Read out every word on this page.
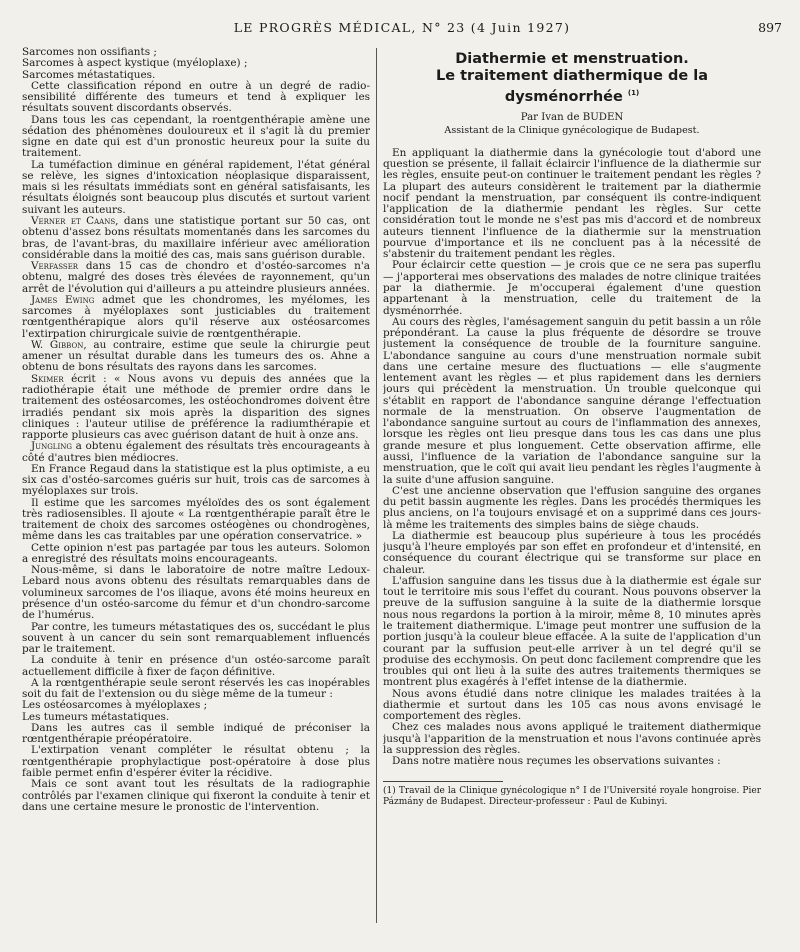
LE PROGRÈS MÉDICAL, N° 23 (4 Juin 1927)	897

Sarcomes non ossifiants ;

Sarcomes à aspect kystique (myéloplaxe) ;

Sarcomes métastatiques.

Cette classification répond en outre à un degré de radio-sensibilité différente des tumeurs et tend à expliquer les résultats souvent discordants observés.

Dans tous les cas cependant, la roentgenthérapie amène une sédation des phénomènes douloureux et il s'agit là du premier signe en date qui est d'un pronostic heureux pour la suite du traitement.

La tuméfaction diminue en général rapidement, l'état général se relève, les signes d'intoxication néoplasique disparaissent, mais si les résultats immédiats sont en général satisfaisants, les résultats éloignés sont beaucoup plus discutés et surtout varient suivant les auteurs.

Verner et Caans, dans une statistique portant sur 50 cas, ont obtenu d'assez bons résultats momentanés dans les sarcomes du bras, de l'avant-bras, du maxillaire inférieur avec amélioration considérable dans la moitié des cas, mais sans guérison durable.

Verfasser dans 15 cas de chondro et d'ostéo-sarcomes n'a obtenu, malgré des doses très élevées de rayonnement, qu'un arrêt de l'évolution qui d'ailleurs a pu atteindre plusieurs années.

James Ewing admet que les chondromes, les myélomes, les sarcomes à myéloplaxes sont justiciables du traitement rœntgenthérapique alors qu'il réserve aux ostéosarcomes l'extirpation chirurgicale suivie de rœntgenthérapie.

W. Gibbon, au contraire, estime que seule la chirurgie peut amener un résultat durable dans les tumeurs des os. Ahne a obtenu de bons résultats des rayons dans les sarcomes.

Skimer écrit : « Nous avons vu depuis des années que la radiothérapie était une méthode de premier ordre dans le traitement des ostéosarcomes, les ostéochondromes doivent être irradiés pendant six mois après la disparition des signes cliniques : l'auteur utilise de préférence la radiumthérapie et rapporte plusieurs cas avec guérison datant de huit à onze ans.

Jungling a obtenu également des résultats très encourageants à côté d'autres bien médiocres.

En France Regaud dans la statistique est la plus optimiste, a eu six cas d'ostéo-sarcomes guéris sur huit, trois cas de sarcomes à myéloplaxes sur trois.

Il estime que les sarcomes myéloïdes des os sont également très radiosensibles. Il ajoute « La rœntgenthérapie paraît être le traitement de choix des sarcomes ostéogènes ou chondrogènes, même dans les cas traitables par une opération conservatrice. »

Cette opinion n'est pas partagée par tous les auteurs. Solomon a enregistré des résultats moins encourageants.

Nous-même, si dans le laboratoire de notre maître Ledoux-Lebard nous avons obtenu des résultats remarquables dans de volumineux sarcomes de l'os iliaque, avons été moins heureux en présence d'un ostéo-sarcome du fémur et d'un chondro-sarcome de l'humérus.

Par contre, les tumeurs métastatiques des os, succédant le plus souvent à un cancer du sein sont remarquablement influencés par le traitement.

La conduite à tenir en présence d'un ostéo-sarcome paraît actuellement difficile à fixer de façon définitive.

A la rœntgenthérapie seule seront réservés les cas inopérables soit du fait de l'extension ou du siège même de la tumeur :

Les ostéosarcomes à myéloplaxes ;

Les tumeurs métastatiques.

Dans les autres cas il semble indiqué de préconiser la rœntgenthérapie préopératoire.

L'extirpation venant compléter le résultat obtenu ; la rœntgenthérapie prophylactique post-opératoire à dose plus faible permet enfin d'espérer éviter la récidive.

Mais ce sont avant tout les résultats de la radiographie contrôlés par l'examen clinique qui fixeront la conduite à tenir et dans une certaine mesure le pronostic de l'intervention.

Diathermie et menstruation.
Le traitement diathermique de la dysménorrhée $^{(1)}$
Par Ivan de BUDEN
Assistant de la Clinique gynécologique de Budapest.

En appliquant la diathermie dans la gynécologie tout d'abord une question se présente, il fallait éclaircir l'influence de la diathermie sur les règles, ensuite peut-on continuer le traitement pendant les règles ? La plupart des auteurs considèrent le traitement par la diathermie nocif pendant la menstruation, par conséquent ils contre-indiquent l'application de la diathermie pendant les règles. Sur cette considération tout le monde ne s'est pas mis d'accord et de nombreux auteurs tiennent l'influence de la diathermie sur la menstruation pourvue d'importance et ils ne concluent pas à la nécessité de s'abstenir du traitement pendant les règles.

Pour éclaircir cette question — je crois que ce ne sera pas superflu — j'apporterai mes observations des malades de notre clinique traitées par la diathermie. Je m'occuperai également d'une question appartenant à la menstruation, celle du traitement de la dysménorrhée.

Au cours des règles, l'amésagement sanguin du petit bassin a un rôle prépondérant. La cause la plus fréquente de désordre se trouve justement la conséquence de trouble de la fourniture sanguine. L'abondance sanguine au cours d'une menstruation normale subit dans une certaine mesure des fluctuations — elle s'augmente lentement avant les règles — et plus rapidement dans les derniers jours qui précèdent la menstruation. Un trouble quelconque qui s'établit en rapport de l'abondance sanguine dérange l'effectuation normale de la menstruation. On observe l'augmentation de l'abondance sanguine surtout au cours de l'inflammation des annexes, lorsque les règles ont lieu presque dans tous les cas dans une plus grande mesure et plus longuement. Cette observation affirme, elle aussi, l'influence de la variation de l'abondance sanguine sur la menstruation, que le coït qui avait lieu pendant les règles l'augmente à la suite d'une affusion sanguine.

C'est une ancienne observation que l'effusion sanguine des organes du petit bassin augmente les règles. Dans les procédés thermiques les plus anciens, on l'a toujours envisagé et on a supprimé dans ces jours-là même les traitements des simples bains de siège chauds.

La diathermie est beaucoup plus supérieure à tous les procédés jusqu'à l'heure employés par son effet en profondeur et d'intensité, en conséquence du courant électrique qui se transforme sur place en chaleur.

L'affusion sanguine dans les tissus due à la diathermie est égale sur tout le territoire mis sous l'effet du courant. Nous pouvons observer la preuve de la suffusion sanguine à la suite de la diathermie lorsque nous nous regardons la portion à la miroir, même 8, 10 minutes après le traitement diathermique. L'image peut montrer une suffusion de la portion jusqu'à la couleur bleue effacée. A la suite de l'application d'un courant par la suffusion peut-elle arriver à un tel degré qu'il se produise des ecchymosis. On peut donc facilement comprendre que les troubles qui ont lieu à la suite des autres traitements thermiques se montrent plus exagérés à l'effet intense de la diathermie.

Nous avons étudié dans notre clinique les malades traitées à la diathermie et surtout dans les 105 cas nous avons envisagé le comportement des règles.

Chez ces malades nous avons appliqué le traitement diathermique jusqu'à l'apparition de la menstruation et nous l'avons continuée après la suppression des règles.

Dans notre matière nous reçumes les observations suivantes :

(1) Travail de la Clinique gynécologique n° I de l'Université royale hongroise. Pier Pázmány de Budapest. Directeur-professeur : Paul de Kubinyi.
